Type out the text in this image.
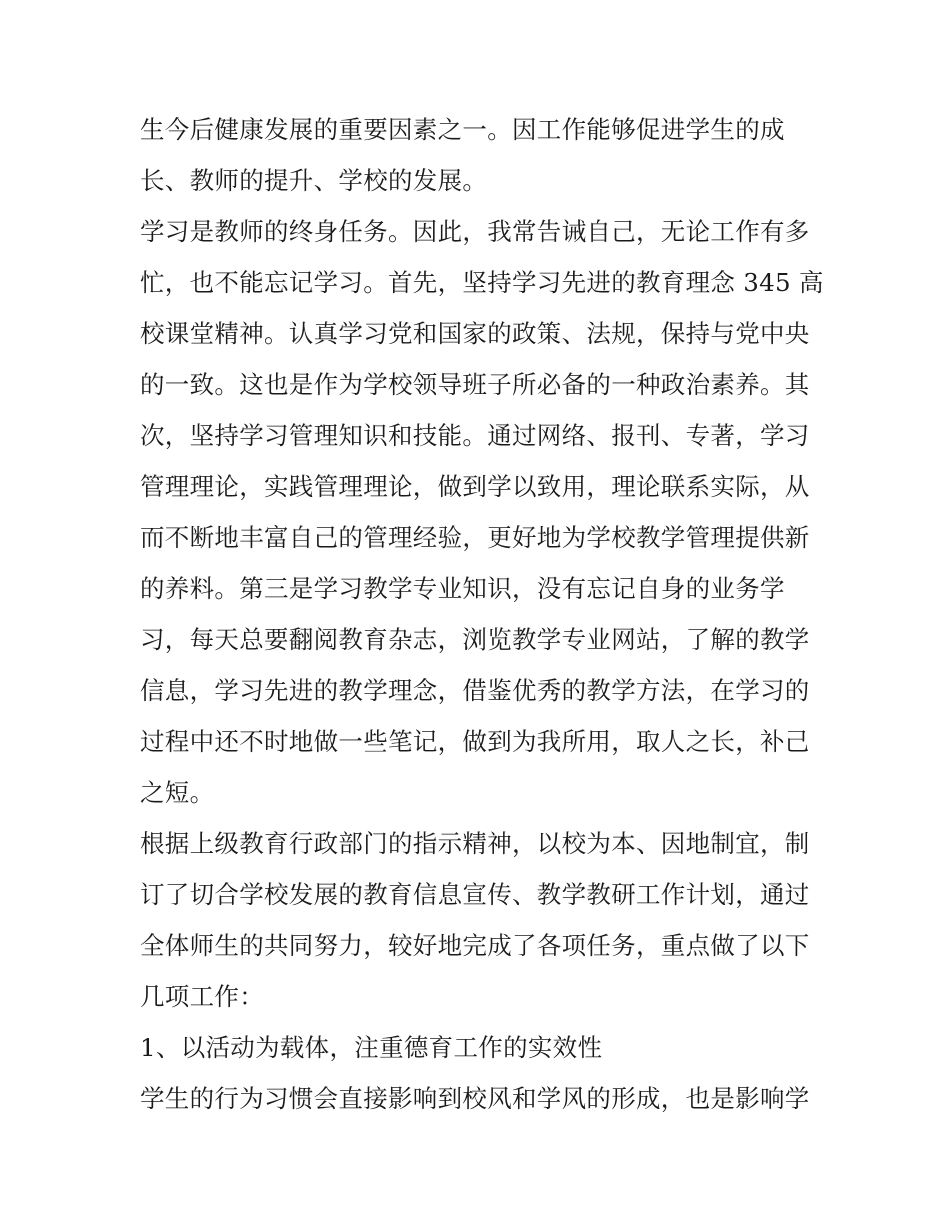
生今后健康发展的重要因素之一。因工作能够促进学生的成
长、教师的提升、学校的发展。
学习是教师的终身任务。因此，我常告诫自己，无论工作有多
忙，也不能忘记学习。首先，坚持学习先进的教育理念 345 高
校课堂精神。认真学习党和国家的政策、法规，保持与党中央
的一致。这也是作为学校领导班子所必备的一种政治素养。其
次，坚持学习管理知识和技能。通过网络、报刊、专著，学习
管理理论，实践管理理论，做到学以致用，理论联系实际，从
而不断地丰富自己的管理经验，更好地为学校教学管理提供新
的养料。第三是学习教学专业知识，没有忘记自身的业务学
习，每天总要翻阅教育杂志，浏览教学专业网站，了解的教学
信息，学习先进的教学理念，借鉴优秀的教学方法，在学习的
过程中还不时地做一些笔记，做到为我所用，取人之长，补己
之短。
根据上级教育行政部门的指示精神，以校为本、因地制宜，制
订了切合学校发展的教育信息宣传、教学教研工作计划，通过
全体师生的共同努力，较好地完成了各项任务，重点做了以下
几项工作：
1、以活动为载体，注重德育工作的实效性
学生的行为习惯会直接影响到校风和学风的形成，也是影响学
